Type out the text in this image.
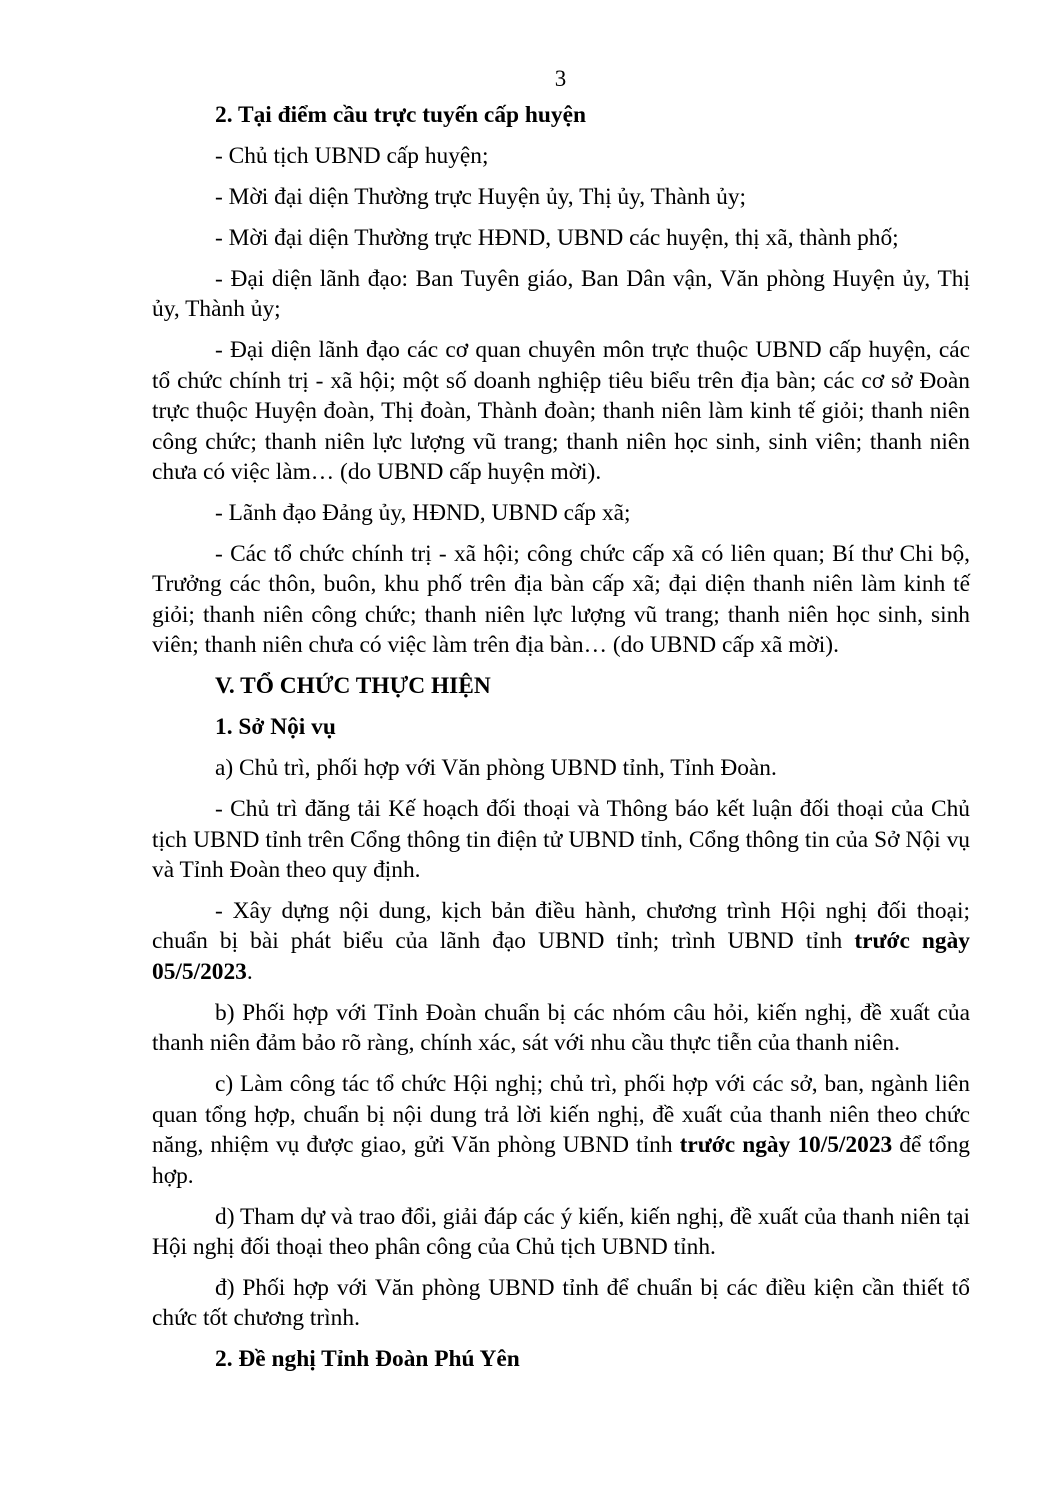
3

2. Tại điểm cầu trực tuyến cấp huyện

- Chủ tịch UBND cấp huyện;

- Mời đại diện Thường trực Huyện ủy, Thị ủy, Thành ủy;

- Mời đại diện Thường trực HĐND, UBND các huyện, thị xã, thành phố;

- Đại diện lãnh đạo: Ban Tuyên giáo, Ban Dân vận, Văn phòng Huyện ủy, Thị ủy, Thành ủy;

- Đại diện lãnh đạo các cơ quan chuyên môn trực thuộc UBND cấp huyện, các tổ chức chính trị - xã hội; một số doanh nghiệp tiêu biểu trên địa bàn; các cơ sở Đoàn trực thuộc Huyện đoàn, Thị đoàn, Thành đoàn; thanh niên làm kinh tế giỏi; thanh niên công chức; thanh niên lực lượng vũ trang; thanh niên học sinh, sinh viên; thanh niên chưa có việc làm… (do UBND cấp huyện mời).

- Lãnh đạo Đảng ủy, HĐND, UBND cấp xã;

- Các tổ chức chính trị - xã hội; công chức cấp xã có liên quan; Bí thư Chi bộ, Trưởng các thôn, buôn, khu phố trên địa bàn cấp xã; đại diện thanh niên làm kinh tế giỏi; thanh niên công chức; thanh niên lực lượng vũ trang; thanh niên học sinh, sinh viên; thanh niên chưa có việc làm trên địa bàn… (do UBND cấp xã mời).

V. TỔ CHỨC THỰC HIỆN

1. Sở Nội vụ

a) Chủ trì, phối hợp với Văn phòng UBND tỉnh, Tỉnh Đoàn.

- Chủ trì đăng tải Kế hoạch đối thoại và Thông báo kết luận đối thoại của Chủ tịch UBND tỉnh trên Cổng thông tin điện tử UBND tỉnh, Cổng thông tin của Sở Nội vụ và Tỉnh Đoàn theo quy định.

- Xây dựng nội dung, kịch bản điều hành, chương trình Hội nghị đối thoại; chuẩn bị bài phát biểu của lãnh đạo UBND tỉnh; trình UBND tỉnh trước ngày 05/5/2023.

b) Phối hợp với Tỉnh Đoàn chuẩn bị các nhóm câu hỏi, kiến nghị, đề xuất của thanh niên đảm bảo rõ ràng, chính xác, sát với nhu cầu thực tiễn của thanh niên.

c) Làm công tác tổ chức Hội nghị; chủ trì, phối hợp với các sở, ban, ngành liên quan tổng hợp, chuẩn bị nội dung trả lời kiến nghị, đề xuất của thanh niên theo chức năng, nhiệm vụ được giao, gửi Văn phòng UBND tỉnh trước ngày 10/5/2023 để tổng hợp.

d) Tham dự và trao đổi, giải đáp các ý kiến, kiến nghị, đề xuất của thanh niên tại Hội nghị đối thoại theo phân công của Chủ tịch UBND tỉnh.

đ) Phối hợp với Văn phòng UBND tỉnh để chuẩn bị các điều kiện cần thiết tổ chức tốt chương trình.

2. Đề nghị Tỉnh Đoàn Phú Yên
